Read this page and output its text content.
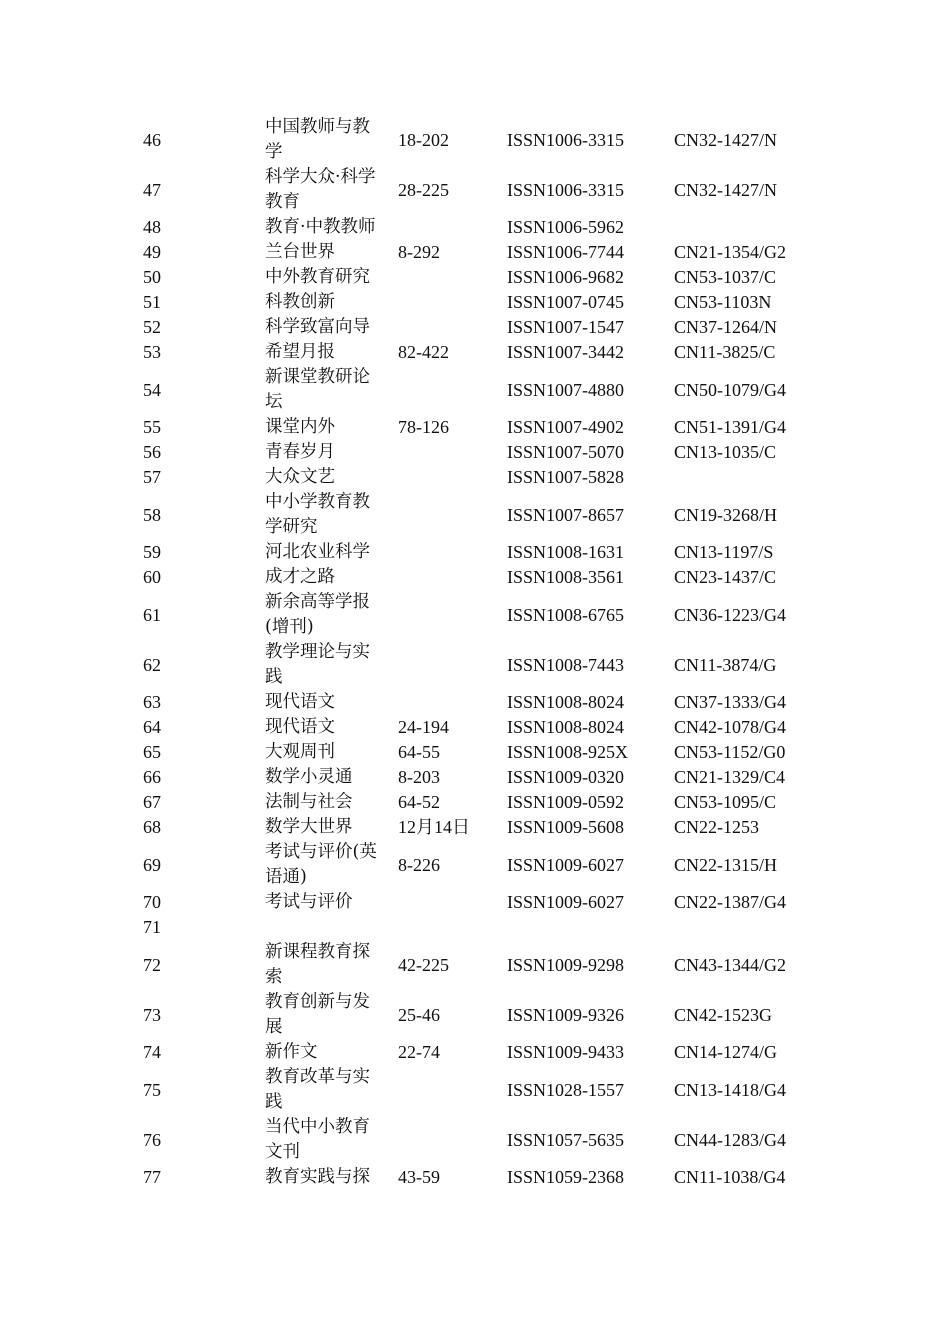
46	中国教师与教学	18-202	ISSN1006-3315	CN32-1427/N
47	科学大众·科学教育	28-225	ISSN1006-3315	CN32-1427/N
48	教育·中教教师		ISSN1006-5962	
49	兰台世界	8-292	ISSN1006-7744	CN21-1354/G2
50	中外教育研究		ISSN1006-9682	CN53-1037/C
51	科教创新		ISSN1007-0745	CN53-1103N
52	科学致富向导		ISSN1007-1547	CN37-1264/N
53	希望月报	82-422	ISSN1007-3442	CN11-3825/C
54	新课堂教研论坛		ISSN1007-4880	CN50-1079/G4
55	课堂内外	78-126	ISSN1007-4902	CN51-1391/G4
56	青春岁月		ISSN1007-5070	CN13-1035/C
57	大众文艺		ISSN1007-5828	
58	中小学教育教学研究		ISSN1007-8657	CN19-3268/H
59	河北农业科学		ISSN1008-1631	CN13-1197/S
60	成才之路		ISSN1008-3561	CN23-1437/C
61	新余高等学报(增刊)		ISSN1008-6765	CN36-1223/G4
62	教学理论与实践		ISSN1008-7443	CN11-3874/G
63	现代语文		ISSN1008-8024	CN37-1333/G4
64	现代语文	24-194	ISSN1008-8024	CN42-1078/G4
65	大观周刊	64-55	ISSN1008-925X	CN53-1152/G0
66	数学小灵通	8-203	ISSN1009-0320	CN21-1329/C4
67	法制与社会	64-52	ISSN1009-0592	CN53-1095/C
68	数学大世界	12月14日	ISSN1009-5608	CN22-1253
69	考试与评价(英语通)	8-226	ISSN1009-6027	CN22-1315/H
70	考试与评价		ISSN1009-6027	CN22-1387/G4
71	

72	新课程教育探索	42-225	ISSN1009-9298	CN43-1344/G2
73	教育创新与发展	25-46	ISSN1009-9326	CN42-1523G
74	新作文	22-74	ISSN1009-9433	CN14-1274/G
75	教育改革与实践		ISSN1028-1557	CN13-1418/G4
76	当代中小教育文刊		ISSN1057-5635	CN44-1283/G4
77	教育实践与探	43-59	ISSN1059-2368	CN11-1038/G4
